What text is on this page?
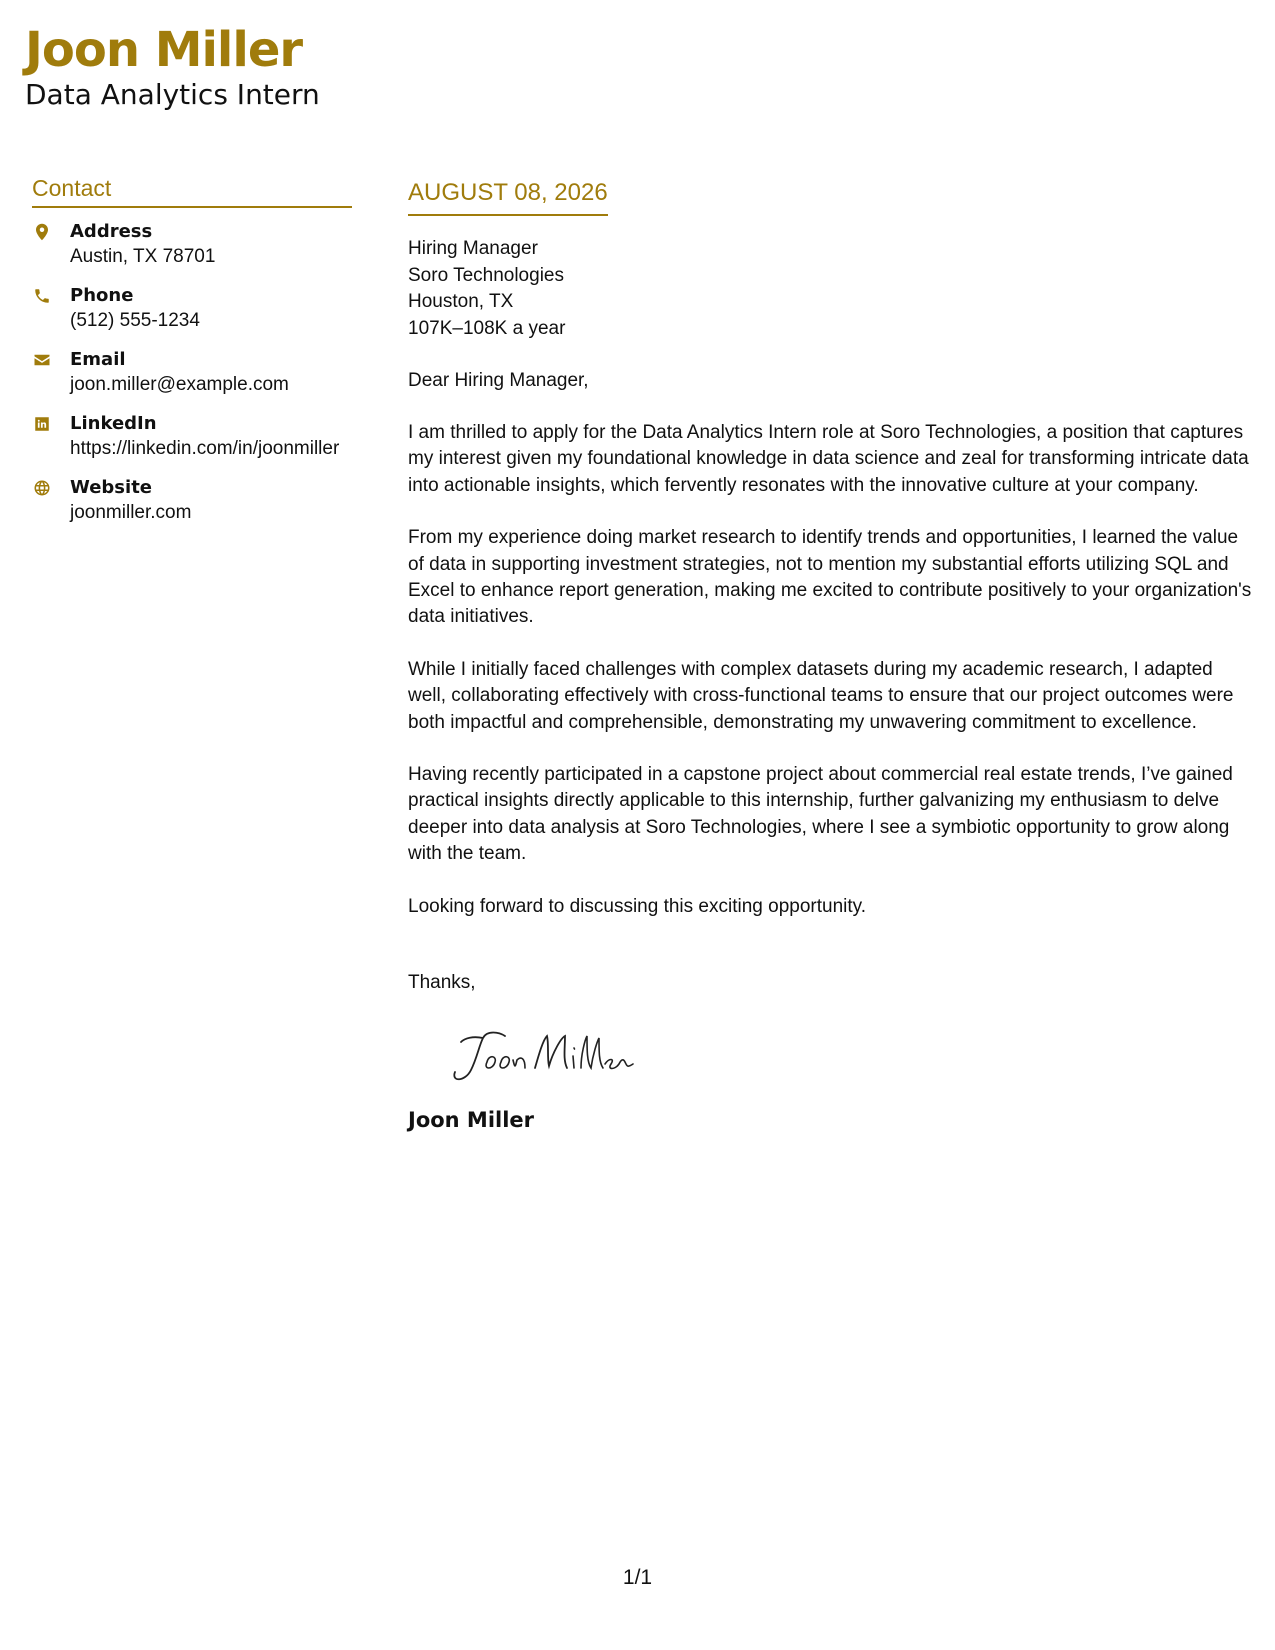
Joon Miller
Data Analytics Intern
Contact
Address
Austin, TX 78701
Phone
(512) 555-1234
Email
joon.miller@example.com
LinkedIn
https://linkedin.com/in/joonmiller
Website
joonmiller.com
AUGUST 08, 2026
Hiring Manager
Soro Technologies
Houston, TX
107K–108K a year
Dear Hiring Manager,
I am thrilled to apply for the Data Analytics Intern role at Soro Technologies, a position that captures my interest given my foundational knowledge in data science and zeal for transforming intricate data into actionable insights, which fervently resonates with the innovative culture at your company.
From my experience doing market research to identify trends and opportunities, I learned the value of data in supporting investment strategies, not to mention my substantial efforts utilizing SQL and Excel to enhance report generation, making me excited to contribute positively to your organization's data initiatives.
While I initially faced challenges with complex datasets during my academic research, I adapted well, collaborating effectively with cross-functional teams to ensure that our project outcomes were both impactful and comprehensible, demonstrating my unwavering commitment to excellence.
Having recently participated in a capstone project about commercial real estate trends, I’ve gained practical insights directly applicable to this internship, further galvanizing my enthusiasm to delve deeper into data analysis at Soro Technologies, where I see a symbiotic opportunity to grow along with the team.
Looking forward to discussing this exciting opportunity.
Thanks,
Joon Miller
1/1
